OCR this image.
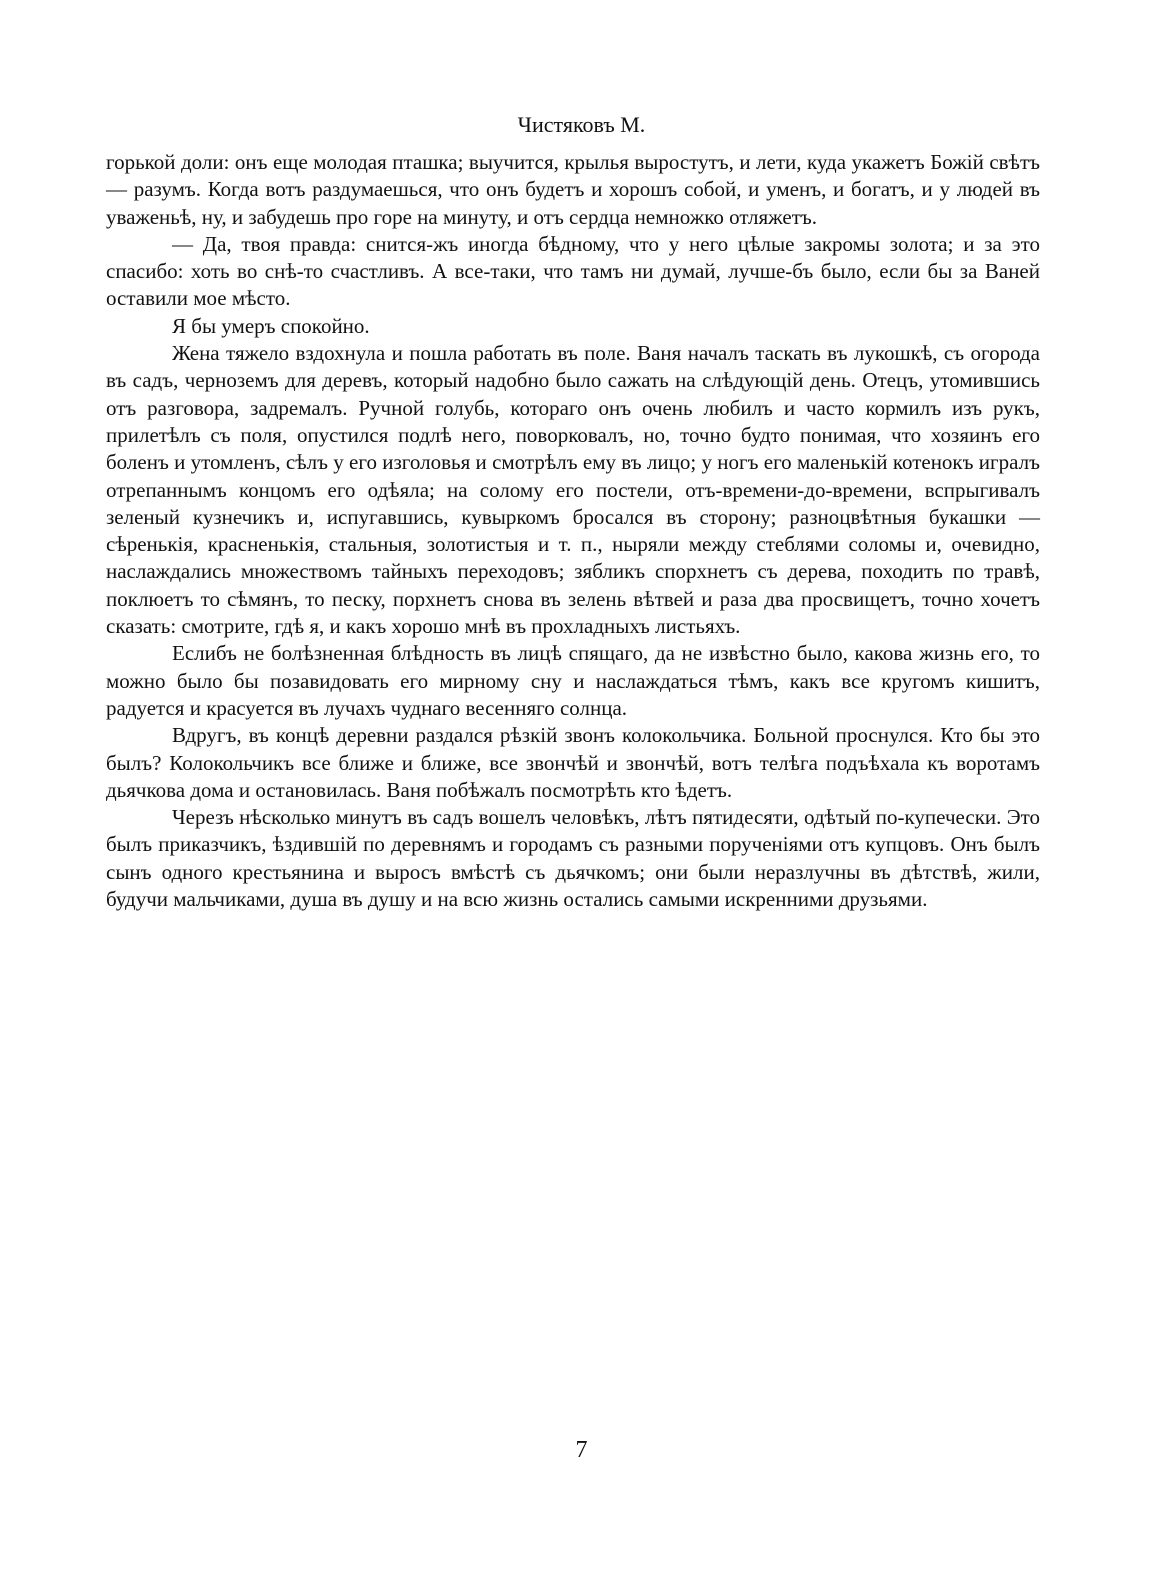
Чистяковъ М.

горькой доли: онъ еще молодая пташка; выучится, крылья выростутъ, и лети, куда укажетъ Божій свѣтъ — разумъ. Когда вотъ раздумаешься, что онъ будетъ и хорошъ собой, и уменъ, и богатъ, и у людей въ уваженьѣ, ну, и забудешь про горе на минуту, и отъ сердца немножко отляжетъ.

— Да, твоя правда: снится-жъ иногда бѣдному, что у него цѣлые закромы золота; и за это спасибо: хоть во снѣ-то счастливъ. А все-таки, что тамъ ни думай, лучше-бъ было, если бы за Ваней оставили мое мѣсто.

Я бы умеръ спокойно.

Жена тяжело вздохнула и пошла работать въ поле. Ваня началъ таскать въ лукошкѣ, съ огорода въ садъ, черноземъ для деревъ, который надобно было сажать на слѣдующій день. Отецъ, утомившись отъ разговора, задремалъ. Ручной голубь, котораго онъ очень любилъ и часто кормилъ изъ рукъ, прилетѣлъ съ поля, опустился подлѣ него, поворковалъ, но, точно будто понимая, что хозяинъ его боленъ и утомленъ, сѣлъ у его изголовья и смотрѣлъ ему въ лицо; у ногъ его маленькій котенокъ игралъ отрепаннымъ концомъ его одѣяла; на солому его постели, отъ-времени-до-времени, вспрыгивалъ зеленый кузнечикъ и, испугавшись, кувыркомъ бросался въ сторону; разноцвѣтныя букашки — сѣренькія, красненькія, стальныя, золотистыя и т. п., ныряли между стеблями соломы и, очевидно, наслаждались множествомъ тайныхъ переходовъ; зябликъ спорхнетъ съ дерева, походить по травѣ, поклюетъ то сѣмянъ, то песку, порхнетъ снова въ зелень вѣтвей и раза два просвищетъ, точно хочетъ сказать: смотрите, гдѣ я, и какъ хорошо мнѣ въ прохладныхъ листьяхъ.

Еслибъ не болѣзненная блѣдность въ лицѣ спящаго, да не извѣстно было, какова жизнь его, то можно было бы позавидовать его мирному сну и наслаждаться тѣмъ, какъ все кругомъ кишитъ, радуется и красуется въ лучахъ чуднаго весенняго солнца.

Вдругъ, въ концѣ деревни раздался рѣзкій звонъ колокольчика. Больной проснулся. Кто бы это былъ? Колокольчикъ все ближе и ближе, все звончѣй и звончѣй, вотъ телѣга подъѣхала къ воротамъ дьячкова дома и остановилась. Ваня побѣжалъ посмотрѣть кто ѣдетъ.

Черезъ нѣсколько минутъ въ садъ вошелъ человѣкъ, лѣтъ пятидесяти, одѣтый по-купечески. Это былъ приказчикъ, ѣздившій по деревнямъ и городамъ съ разными порученіями отъ купцовъ. Онъ былъ сынъ одного крестьянина и выросъ вмѣстѣ съ дьячкомъ; они были неразлучны въ дѣтствѣ, жили, будучи мальчиками, душа въ душу и на всю жизнь остались самыми искренними друзьями.

7
